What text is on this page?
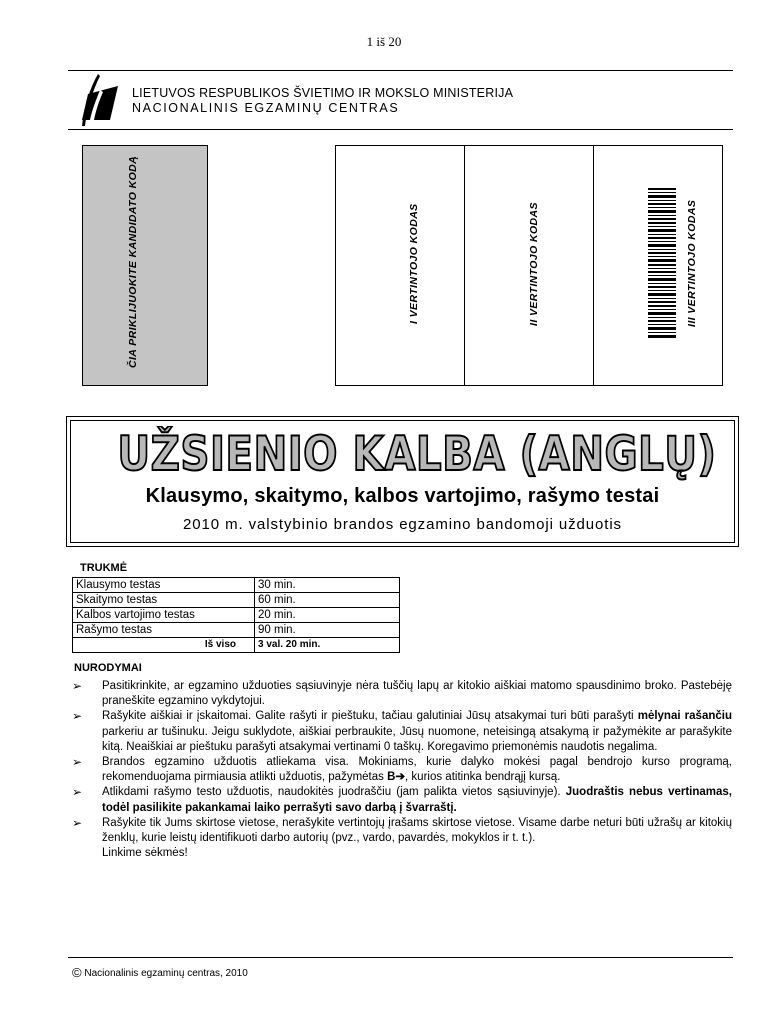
1 iš 20
LIETUVOS RESPUBLIKOS ŠVIETIMO IR MOKSLO MINISTERIJA
NACIONALINIS EGZAMINŲ CENTRAS
ČIA PRIKLIJUOKITE KANDIDATO KODĄ	I VERTINTOJO KODAS	II VERTINTOJO KODAS	III VERTINTOJO KODAS
UŽSIENIO KALBA (ANGLŲ)
Klausymo, skaitymo, kalbos vartojimo, rašymo testai
2010 m. valstybinio brandos egzamino bandomoji užduotis
TRUKMĖ
Klausymo testas	30 min.
Skaitymo testas	60 min.
Kalbos vartojimo testas	20 min.
Rašymo testas	90 min.
Iš viso	3 val. 20 min.
NURODYMAI
➢	Pasitikrinkite, ar egzamino užduoties sąsiuvinyje nėra tuščių lapų ar kitokio aiškiai matomo spausdinimo broko. Pastebėję praneškite egzamino vykdytojui.
➢	Rašykite aiškiai ir įskaitomai. Galite rašyti ir pieštuku, tačiau galutiniai Jūsų atsakymai turi būti parašyti mėlynai rašančiu parkeriu ar tušinuku. Jeigu suklydote, aiškiai perbraukite, Jūsų nuomone, neteisingą atsakymą ir pažymėkite ar parašykite kitą. Neaiškiai ar pieštuku parašyti atsakymai vertinami 0 taškų. Koregavimo priemonėmis naudotis negalima.
➢	Brandos egzamino užduotis atliekama visa. Mokiniams, kurie dalyko mokėsi pagal bendrojo kurso programą, rekomenduojama pirmiausia atlikti užduotis, pažymėtas B➔, kurios atitinka bendrąjį kursą.
➢	Atlikdami rašymo testo užduotis, naudokitės juodraščiu (jam palikta vietos sąsiuvinyje). Juodraštis nebus vertinamas, todėl pasilikite pakankamai laiko perrašyti savo darbą į švarraštį.
➢	Rašykite tik Jums skirtose vietose, nerašykite vertintojų įrašams skirtose vietose. Visame darbe neturi būti užrašų ar kitokių ženklų, kurie leistų identifikuoti darbo autorių (pvz., vardo, pavardės, mokyklos ir t. t.).
Linkime sėkmės!
© Nacionalinis egzaminų centras, 2010
